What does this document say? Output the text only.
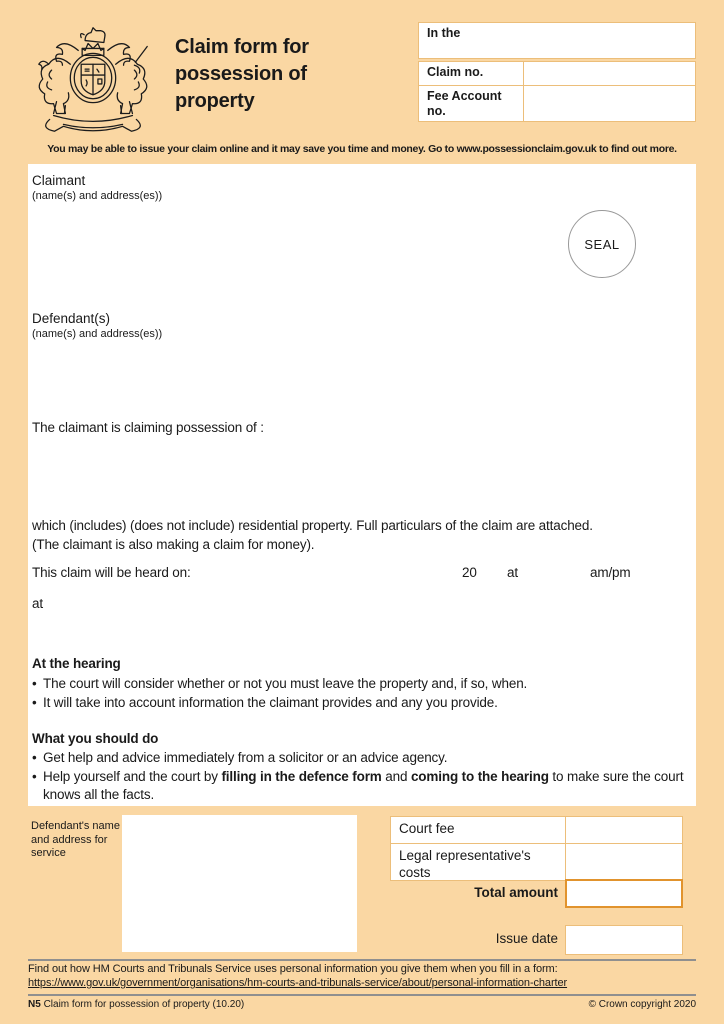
Claim form for possession of property
In the
Claim no.
Fee Account no.
You may be able to issue your claim online and it may save you time and money. Go to www.possessionclaim.gov.uk to find out more.
Claimant
(name(s) and address(es))
SEAL
Defendant(s)
(name(s) and address(es))
The claimant is claiming possession of :
which (includes) (does not include) residential property. Full particulars of the claim are attached.
(The claimant is also making a claim for money).
This claim will be heard on:	20 at	am/pm
at
At the hearing
• The court will consider whether or not you must leave the property and, if so, when.
• It will take into account information the claimant provides and any you provide.
What you should do
• Get help and advice immediately from a solicitor or an advice agency.
• Help yourself and the court by filling in the defence form and coming to the hearing to make sure the court knows all the facts.
Defendant's name and address for service
Court fee
Legal representative's costs
Total amount
Issue date
Find out how HM Courts and Tribunals Service uses personal information you give them when you fill in a form:
https://www.gov.uk/government/organisations/hm-courts-and-tribunals-service/about/personal-information-charter
N5 Claim form for possession of property (10.20)	© Crown copyright 2020
